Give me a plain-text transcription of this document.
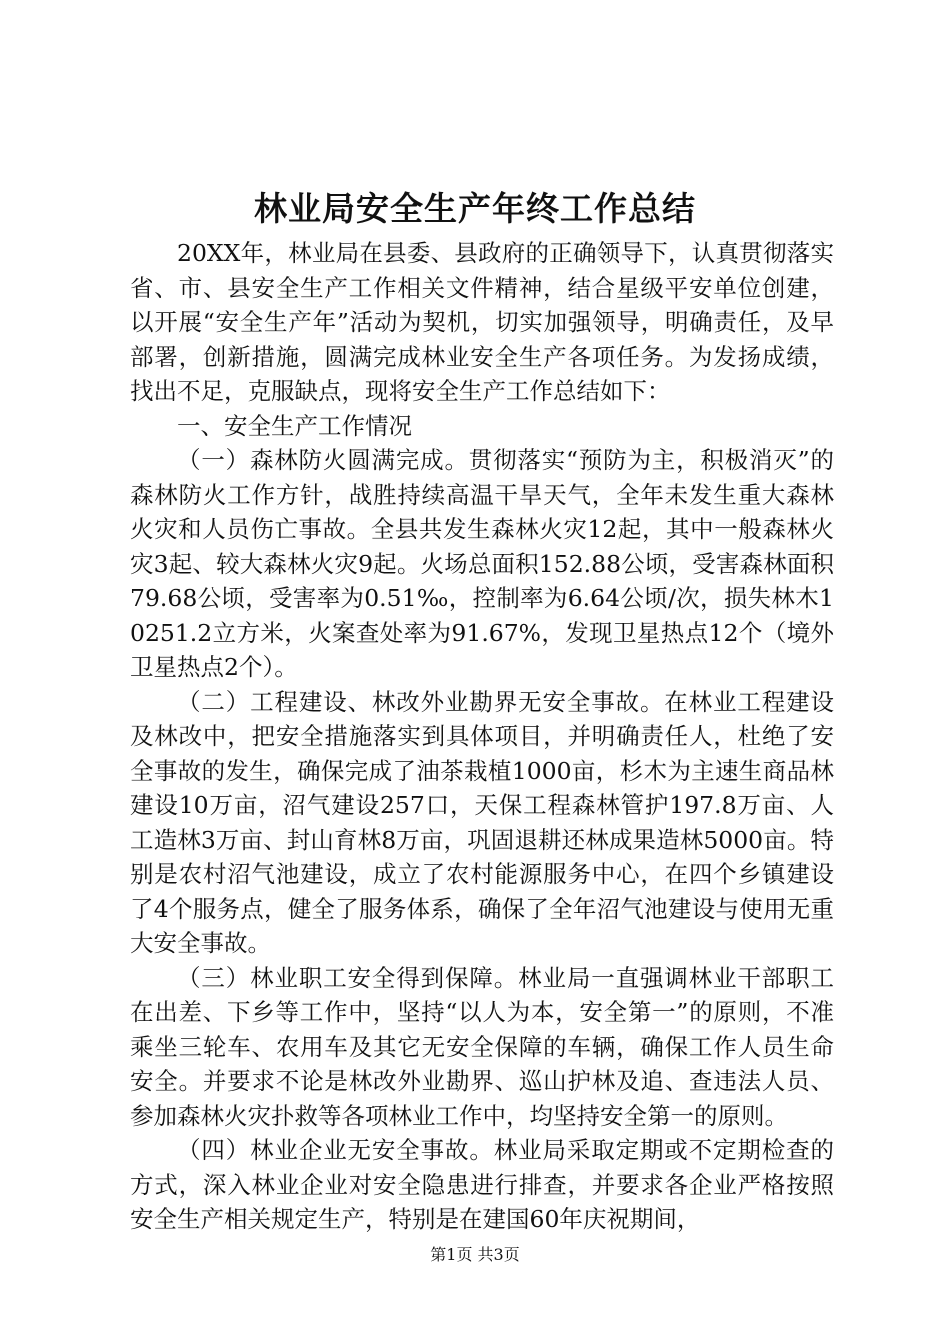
林业局安全生产年终工作总结

20XX年，林业局在县委、县政府的正确领导下，认真贯彻落实省、市、县安全生产工作相关文件精神，结合星级平安单位创建，以开展“安全生产年”活动为契机，切实加强领导，明确责任，及早部署，创新措施，圆满完成林业安全生产各项任务。为发扬成绩，找出不足，克服缺点，现将安全生产工作总结如下：

一、安全生产工作情况

（一）森林防火圆满完成。贯彻落实“预防为主，积极消灭”的森林防火工作方针，战胜持续高温干旱天气，全年未发生重大森林火灾和人员伤亡事故。全县共发生森林火灾12起，其中一般森林火灾3起、较大森林火灾9起。火场总面积152.88公顷，受害森林面积79.68公顷，受害率为0.51‰，控制率为6.64公顷/次，损失林木10251.2立方米，火案查处率为91.67%，发现卫星热点12个（境外卫星热点2个）。

（二）工程建设、林改外业勘界无安全事故。在林业工程建设及林改中，把安全措施落实到具体项目，并明确责任人，杜绝了安全事故的发生，确保完成了油茶栽植1000亩，杉木为主速生商品林建设10万亩，沼气建设257口，天保工程森林管护197.8万亩、人工造林3万亩、封山育林8万亩，巩固退耕还林成果造林5000亩。特别是农村沼气池建设，成立了农村能源服务中心，在四个乡镇建设了4个服务点，健全了服务体系，确保了全年沼气池建设与使用无重大安全事故。

（三）林业职工安全得到保障。林业局一直强调林业干部职工在出差、下乡等工作中，坚持“以人为本，安全第一”的原则，不准乘坐三轮车、农用车及其它无安全保障的车辆，确保工作人员生命安全。并要求不论是林改外业勘界、巡山护林及追、查违法人员、参加森林火灾扑救等各项林业工作中，均坚持安全第一的原则。

（四）林业企业无安全事故。林业局采取定期或不定期检查的方式，深入林业企业对安全隐患进行排查，并要求各企业严格按照安全生产相关规定生产，特别是在建国60年庆祝期间，

第1页 共3页
